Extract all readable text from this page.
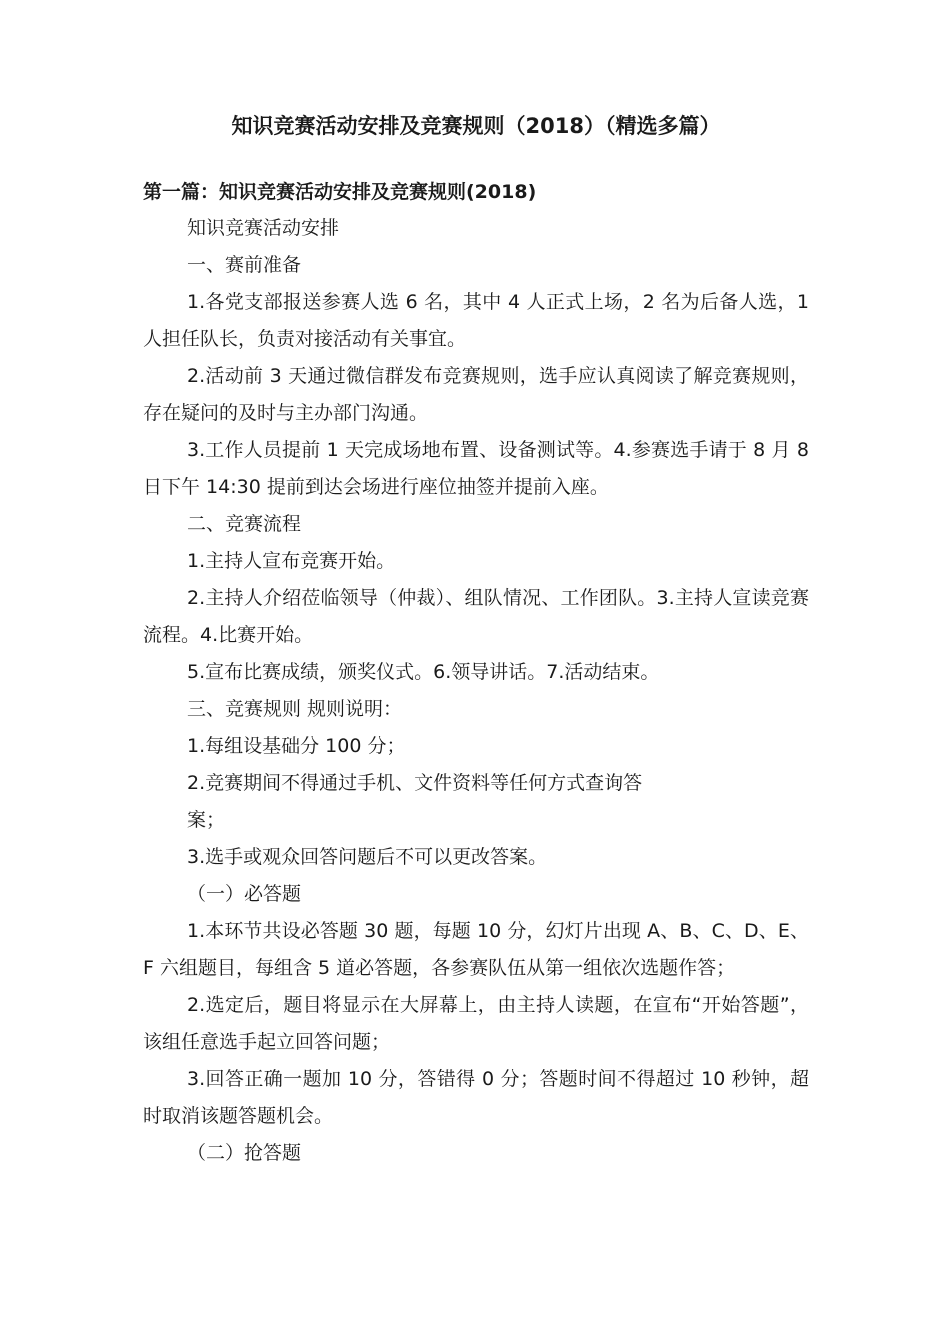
知识竞赛活动安排及竞赛规则（2018）（精选多篇）
第一篇：知识竞赛活动安排及竞赛规则(2018)

知识竞赛活动安排

一、赛前准备

1.各党支部报送参赛人选 6 名，其中 4 人正式上场，2 名为后备人选，1 人担任队长，负责对接活动有关事宜。

2.活动前 3 天通过微信群发布竞赛规则，选手应认真阅读了解竞赛规则，存在疑问的及时与主办部门沟通。

3.工作人员提前 1 天完成场地布置、设备测试等。4.参赛选手请于 8 月 8 日下午 14:30 提前到达会场进行座位抽签并提前入座。

二、竞赛流程

1.主持人宣布竞赛开始。

2.主持人介绍莅临领导（仲裁）、组队情况、工作团队。3.主持人宣读竞赛流程。4.比赛开始。

5.宣布比赛成绩，颁奖仪式。6.领导讲话。7.活动结束。

三、竞赛规则 规则说明：

1.每组设基础分 100 分；

2.竞赛期间不得通过手机、文件资料等任何方式查询答

案；

3.选手或观众回答问题后不可以更改答案。

（一）必答题

1.本环节共设必答题 30 题，每题 10 分，幻灯片出现 A、B、C、D、E、F 六组题目，每组含 5 道必答题，各参赛队伍从第一组依次选题作答；

2.选定后，题目将显示在大屏幕上，由主持人读题，在宣布“开始答题”，该组任意选手起立回答问题；

3.回答正确一题加 10 分，答错得 0 分；答题时间不得超过 10 秒钟，超时取消该题答题机会。

（二）抢答题
